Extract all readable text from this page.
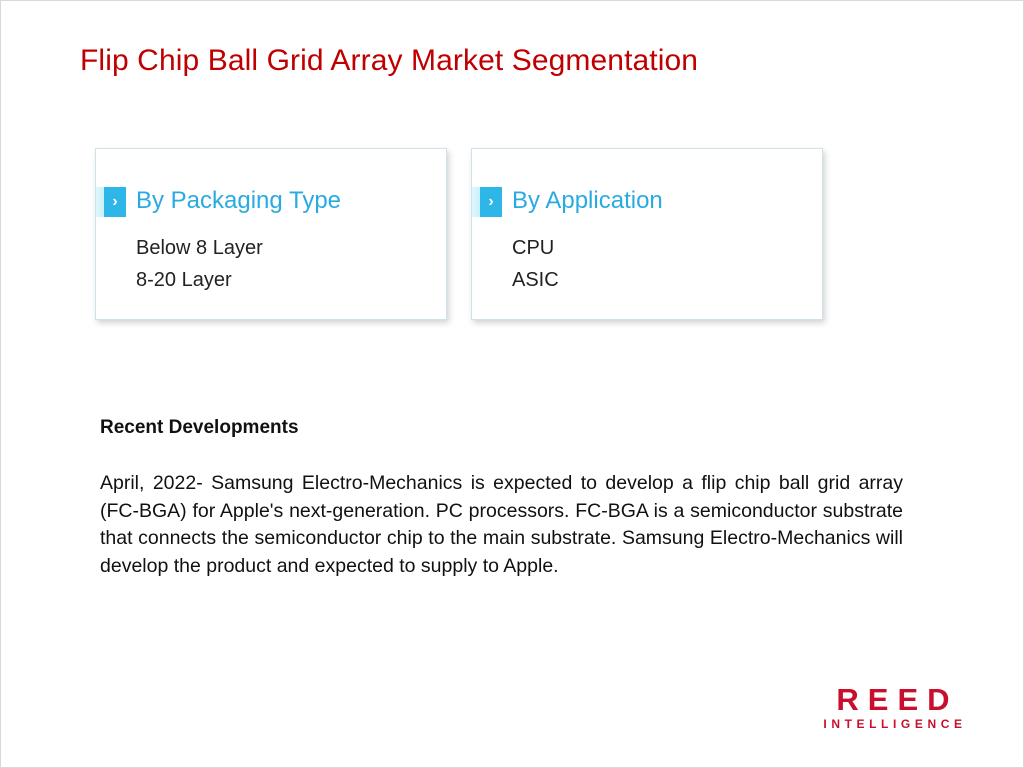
Flip Chip Ball Grid Array Market Segmentation
› By Packaging Type
Below 8 Layer
8-20 Layer
› By Application
CPU
ASIC
Recent Developments

April, 2022- Samsung Electro-Mechanics is expected to develop a flip chip ball grid array (FC-BGA) for Apple's next-generation. PC processors. FC-BGA is a semiconductor substrate that connects the semiconductor chip to the main substrate. Samsung Electro-Mechanics will develop the product and expected to supply to Apple.

REED
INTELLIGENCE
